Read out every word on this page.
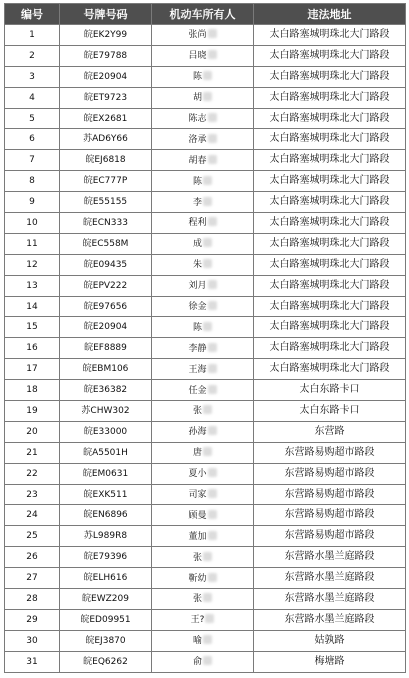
编号	号牌号码	机动车所有人	违法地址
1	皖EK2Y99	张尚	太白路塞城明珠北大门路段
2	皖E79788	吕晓	太白路塞城明珠北大门路段
3	皖E20904	陈	太白路塞城明珠北大门路段
4	皖ET9723	胡	太白路塞城明珠北大门路段
5	皖EX2681	陈志	太白路塞城明珠北大门路段
6	苏AD6Y66	洛承	太白路塞城明珠北大门路段
7	皖EJ6818	胡春	太白路塞城明珠北大门路段
8	皖EC777P	陈	太白路塞城明珠北大门路段
9	皖E55155	李	太白路塞城明珠北大门路段
10	皖ECN333	程利	太白路塞城明珠北大门路段
11	皖EC558M	成	太白路塞城明珠北大门路段
12	皖E09435	朱	太白路塞城明珠北大门路段
13	皖EPV222	刘月	太白路塞城明珠北大门路段
14	皖E97656	徐金	太白路塞城明珠北大门路段
15	皖E20904	陈	太白路塞城明珠北大门路段
16	皖EF8889	李静	太白路塞城明珠北大门路段
17	皖EBM106	王海	太白路塞城明珠北大门路段
18	皖E36382	任金	太白东路卡口
19	苏CHW302	张	太白东路卡口
20	皖E33000	孙海	东营路
21	皖A5501H	唐	东营路易购超市路段
22	皖EM0631	夏小	东营路易购超市路段
23	皖EXK511	司家	东营路易购超市路段
24	皖EN6896	顾曼	东营路易购超市路段
25	苏L989R8	董加	东营路易购超市路段
26	皖E79396	张	东营路水墨兰庭路段
27	皖ELH616	靳幼	东营路水墨兰庭路段
28	皖EWZ209	张	东营路水墨兰庭路段
29	皖ED09951	王?	东营路水墨兰庭路段
30	皖EJ3870	喻	姑孰路
31	皖EQ6262	俞	梅塘路
